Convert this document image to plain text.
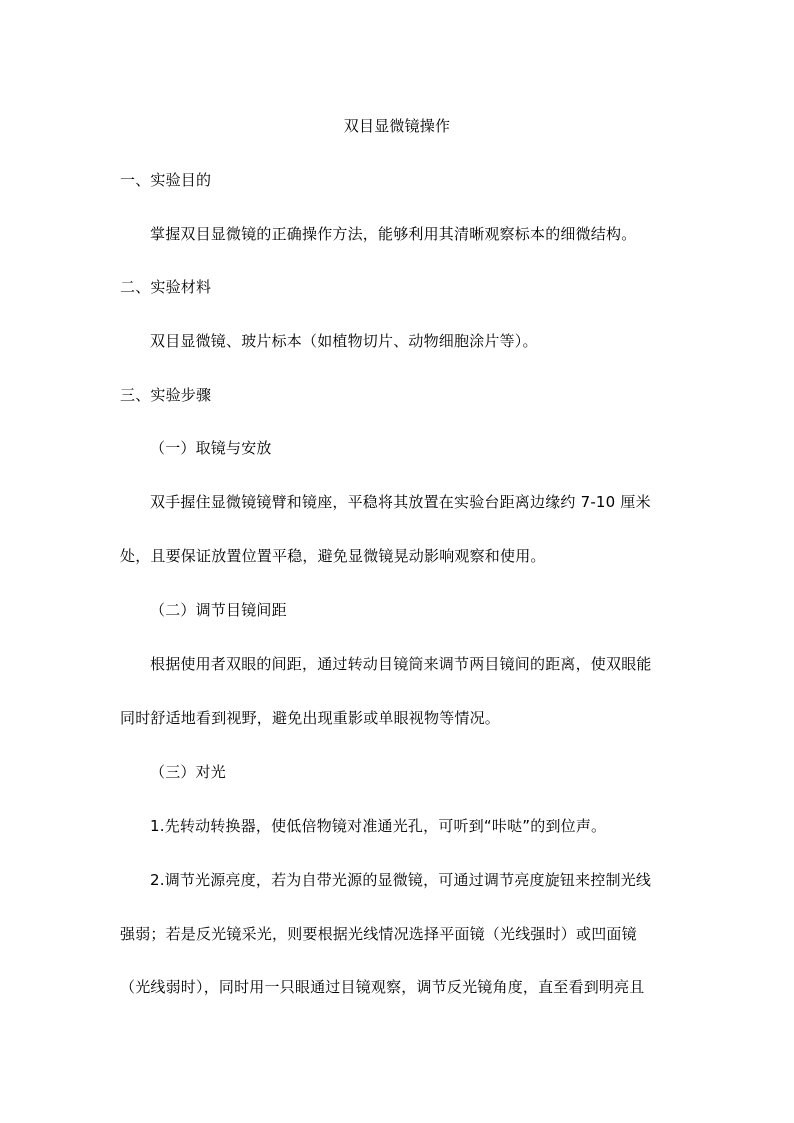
双目显微镜操作
一、实验目的
掌握双目显微镜的正确操作方法，能够利用其清晰观察标本的细微结构。
二、实验材料
双目显微镜、玻片标本（如植物切片、动物细胞涂片等）。
三、实验步骤
（一）取镜与安放
双手握住显微镜镜臂和镜座，平稳将其放置在实验台距离边缘约 7-10 厘米
处，且要保证放置位置平稳，避免显微镜晃动影响观察和使用。
（二）调节目镜间距
根据使用者双眼的间距，通过转动目镜筒来调节两目镜间的距离，使双眼能
同时舒适地看到视野，避免出现重影或单眼视物等情况。
（三）对光
1.先转动转换器，使低倍物镜对准通光孔，可听到“咔哒”的到位声。
2.调节光源亮度，若为自带光源的显微镜，可通过调节亮度旋钮来控制光线
强弱；若是反光镜采光，则要根据光线情况选择平面镜（光线强时）或凹面镜
（光线弱时），同时用一只眼通过目镜观察，调节反光镜角度，直至看到明亮且
